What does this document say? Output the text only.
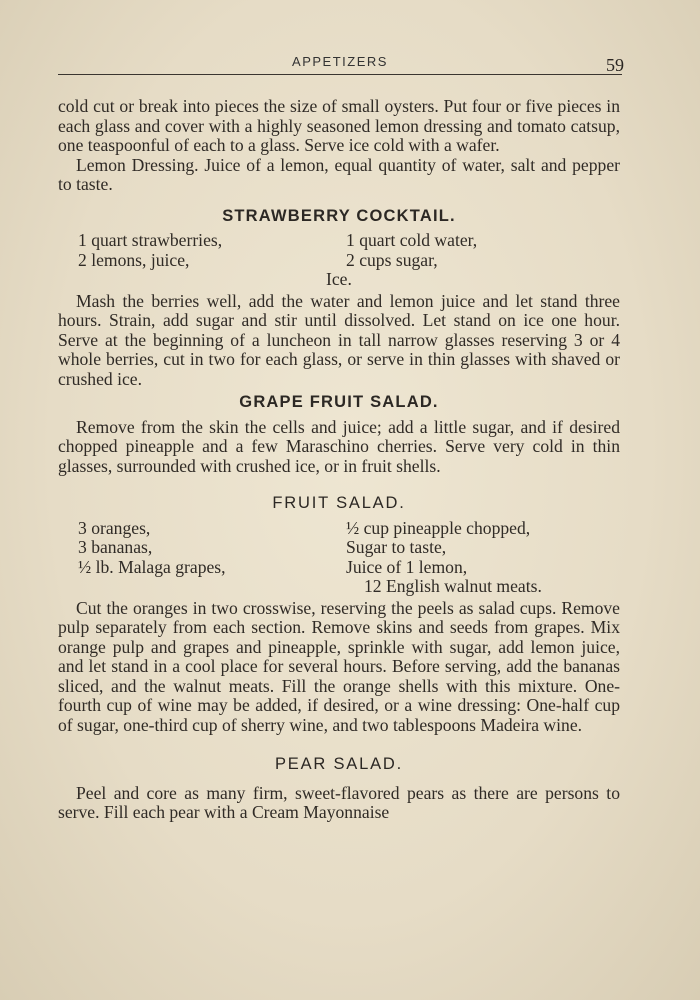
APPETIZERS	59

cold cut or break into pieces the size of small oysters. Put four or five pieces in each glass and cover with a highly seasoned lemon dressing and tomato catsup, one teaspoonful of each to a glass. Serve ice cold with a wafer.

Lemon Dressing. Juice of a lemon, equal quantity of water, salt and pepper to taste.

STRAWBERRY COCKTAIL.
1 quart strawberries,	1 quart cold water,
2 lemons, juice,	2 cups sugar,
Ice.

Mash the berries well, add the water and lemon juice and let stand three hours. Strain, add sugar and stir until dissolved. Let stand on ice one hour. Serve at the beginning of a luncheon in tall narrow glasses reserving 3 or 4 whole berries, cut in two for each glass, or serve in thin glasses with shaved or crushed ice.

GRAPE FRUIT SALAD.

Remove from the skin the cells and juice; add a little sugar, and if desired chopped pineapple and a few Maraschino cherries. Serve very cold in thin glasses, surrounded with crushed ice, or in fruit shells.

FRUIT SALAD.
3 oranges,	½ cup pineapple chopped,
3 bananas,	Sugar to taste,
½ lb. Malaga grapes,	Juice of 1 lemon,
12 English walnut meats.

Cut the oranges in two crosswise, reserving the peels as salad cups. Remove pulp separately from each section. Remove skins and seeds from grapes. Mix orange pulp and grapes and pineapple, sprinkle with sugar, add lemon juice, and let stand in a cool place for several hours. Before serving, add the bananas sliced, and the walnut meats. Fill the orange shells with this mixture. One-fourth cup of wine may be added, if desired, or a wine dressing: One-half cup of sugar, one-third cup of sherry wine, and two tablespoons Madeira wine.

PEAR SALAD.

Peel and core as many firm, sweet-flavored pears as there are persons to serve. Fill each pear with a Cream Mayonnaise
